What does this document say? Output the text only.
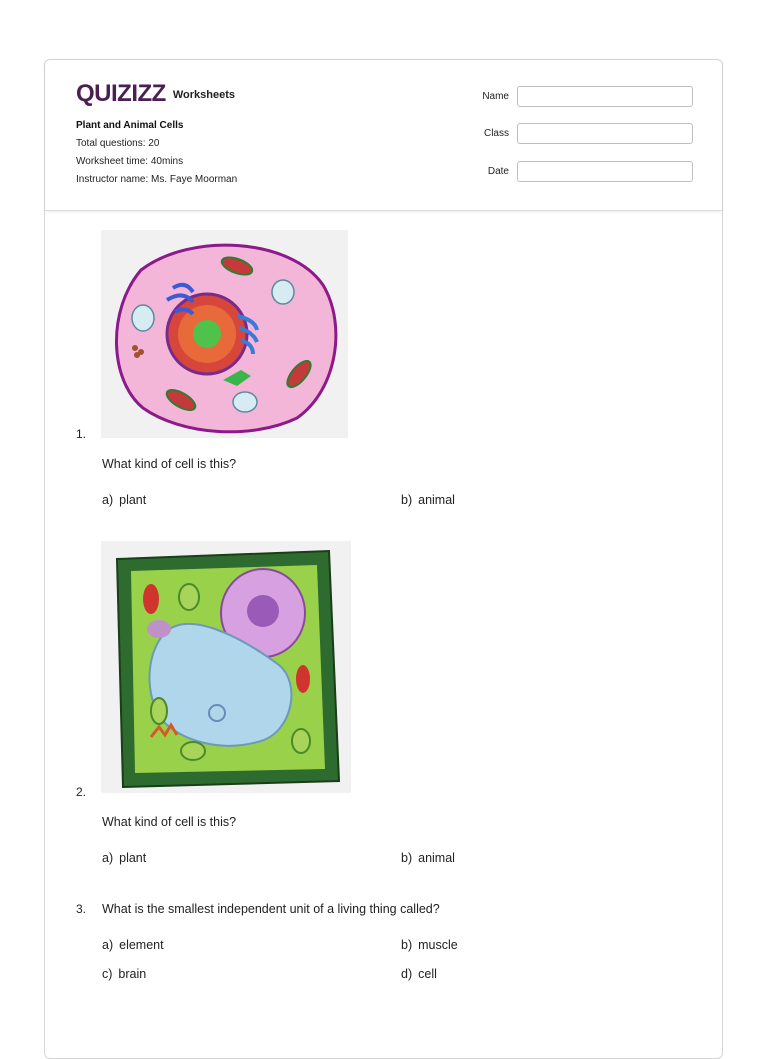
QUIZIZZ Worksheets
Plant and Animal Cells
Total questions: 20
Worksheet time: 40mins
Instructor name: Ms. Faye Moorman
Name
Class
Date
1.
What kind of cell is this?
a) plant	b) animal
2.
What kind of cell is this?
a) plant	b) animal
3. What is the smallest independent unit of a living thing called?
a) element	b) muscle
c) brain	d) cell
